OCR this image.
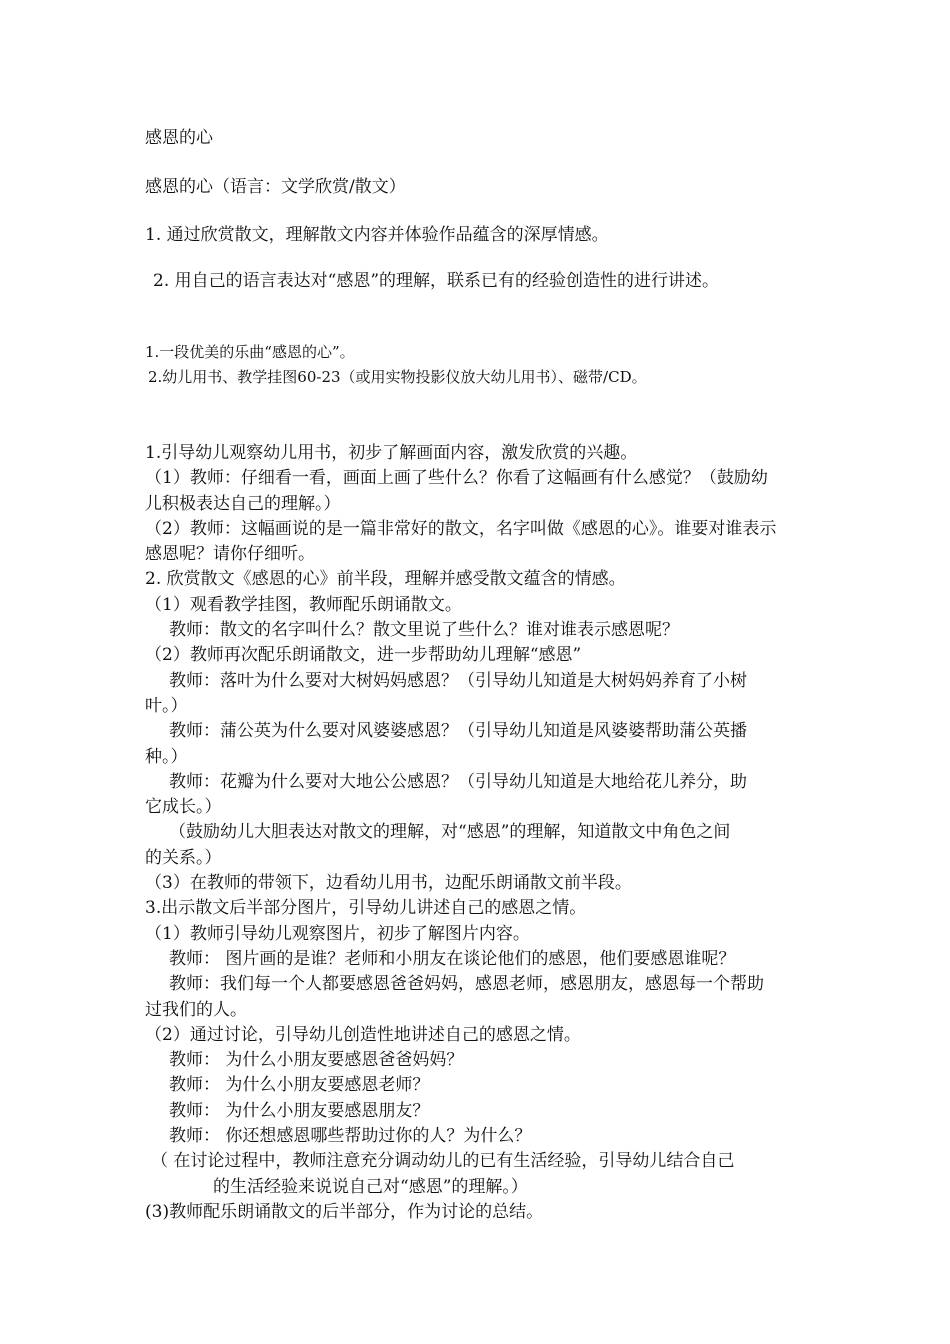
感恩的心

感恩的心（语言：文学欣赏/散文）

1. 通过欣赏散文，理解散文内容并体验作品蕴含的深厚情感。

2. 用自己的语言表达对“感恩”的理解，联系已有的经验创造性的进行讲述。

1.一段优美的乐曲“感恩的心”。

2.幼儿用书、教学挂图60-23（或用实物投影仪放大幼儿用书）、磁带/CD。

1.引导幼儿观察幼儿用书，初步了解画面内容，激发欣赏的兴趣。

（1）教师：仔细看一看，画面上画了些什么？你看了这幅画有什么感觉？（鼓励幼

儿积极表达自己的理解。）

（2）教师：这幅画说的是一篇非常好的散文，名字叫做《感恩的心》。谁要对谁表示

感恩呢？请你仔细听。

2. 欣赏散文《感恩的心》前半段，理解并感受散文蕴含的情感。

（1）观看教学挂图，教师配乐朗诵散文。

教师：散文的名字叫什么？散文里说了些什么？谁对谁表示感恩呢？

（2）教师再次配乐朗诵散文，进一步帮助幼儿理解“感恩”

教师：落叶为什么要对大树妈妈感恩？（引导幼儿知道是大树妈妈养育了小树

叶。）

教师：蒲公英为什么要对风婆婆感恩？（引导幼儿知道是风婆婆帮助蒲公英播

种。）

教师：花瓣为什么要对大地公公感恩？（引导幼儿知道是大地给花儿养分，助

它成长。）

（鼓励幼儿大胆表达对散文的理解，对“感恩”的理解，知道散文中角色之间

的关系。）

（3）在教师的带领下，边看幼儿用书，边配乐朗诵散文前半段。

3.出示散文后半部分图片，引导幼儿讲述自己的感恩之情。

（1）教师引导幼儿观察图片，初步了解图片内容。

教师： 图片画的是谁？老师和小朋友在谈论他们的感恩，他们要感恩谁呢？

教师：我们每一个人都要感恩爸爸妈妈，感恩老师，感恩朋友，感恩每一个帮助

过我们的人。

（2）通过讨论，引导幼儿创造性地讲述自己的感恩之情。

教师： 为什么小朋友要感恩爸爸妈妈？

教师： 为什么小朋友要感恩老师？

教师： 为什么小朋友要感恩朋友？

教师： 你还想感恩哪些帮助过你的人？为什么？

（ 在讨论过程中，教师注意充分调动幼儿的已有生活经验，引导幼儿结合自己

的生活经验来说说自己对“感恩”的理解。）

(3)教师配乐朗诵散文的后半部分，作为讨论的总结。
